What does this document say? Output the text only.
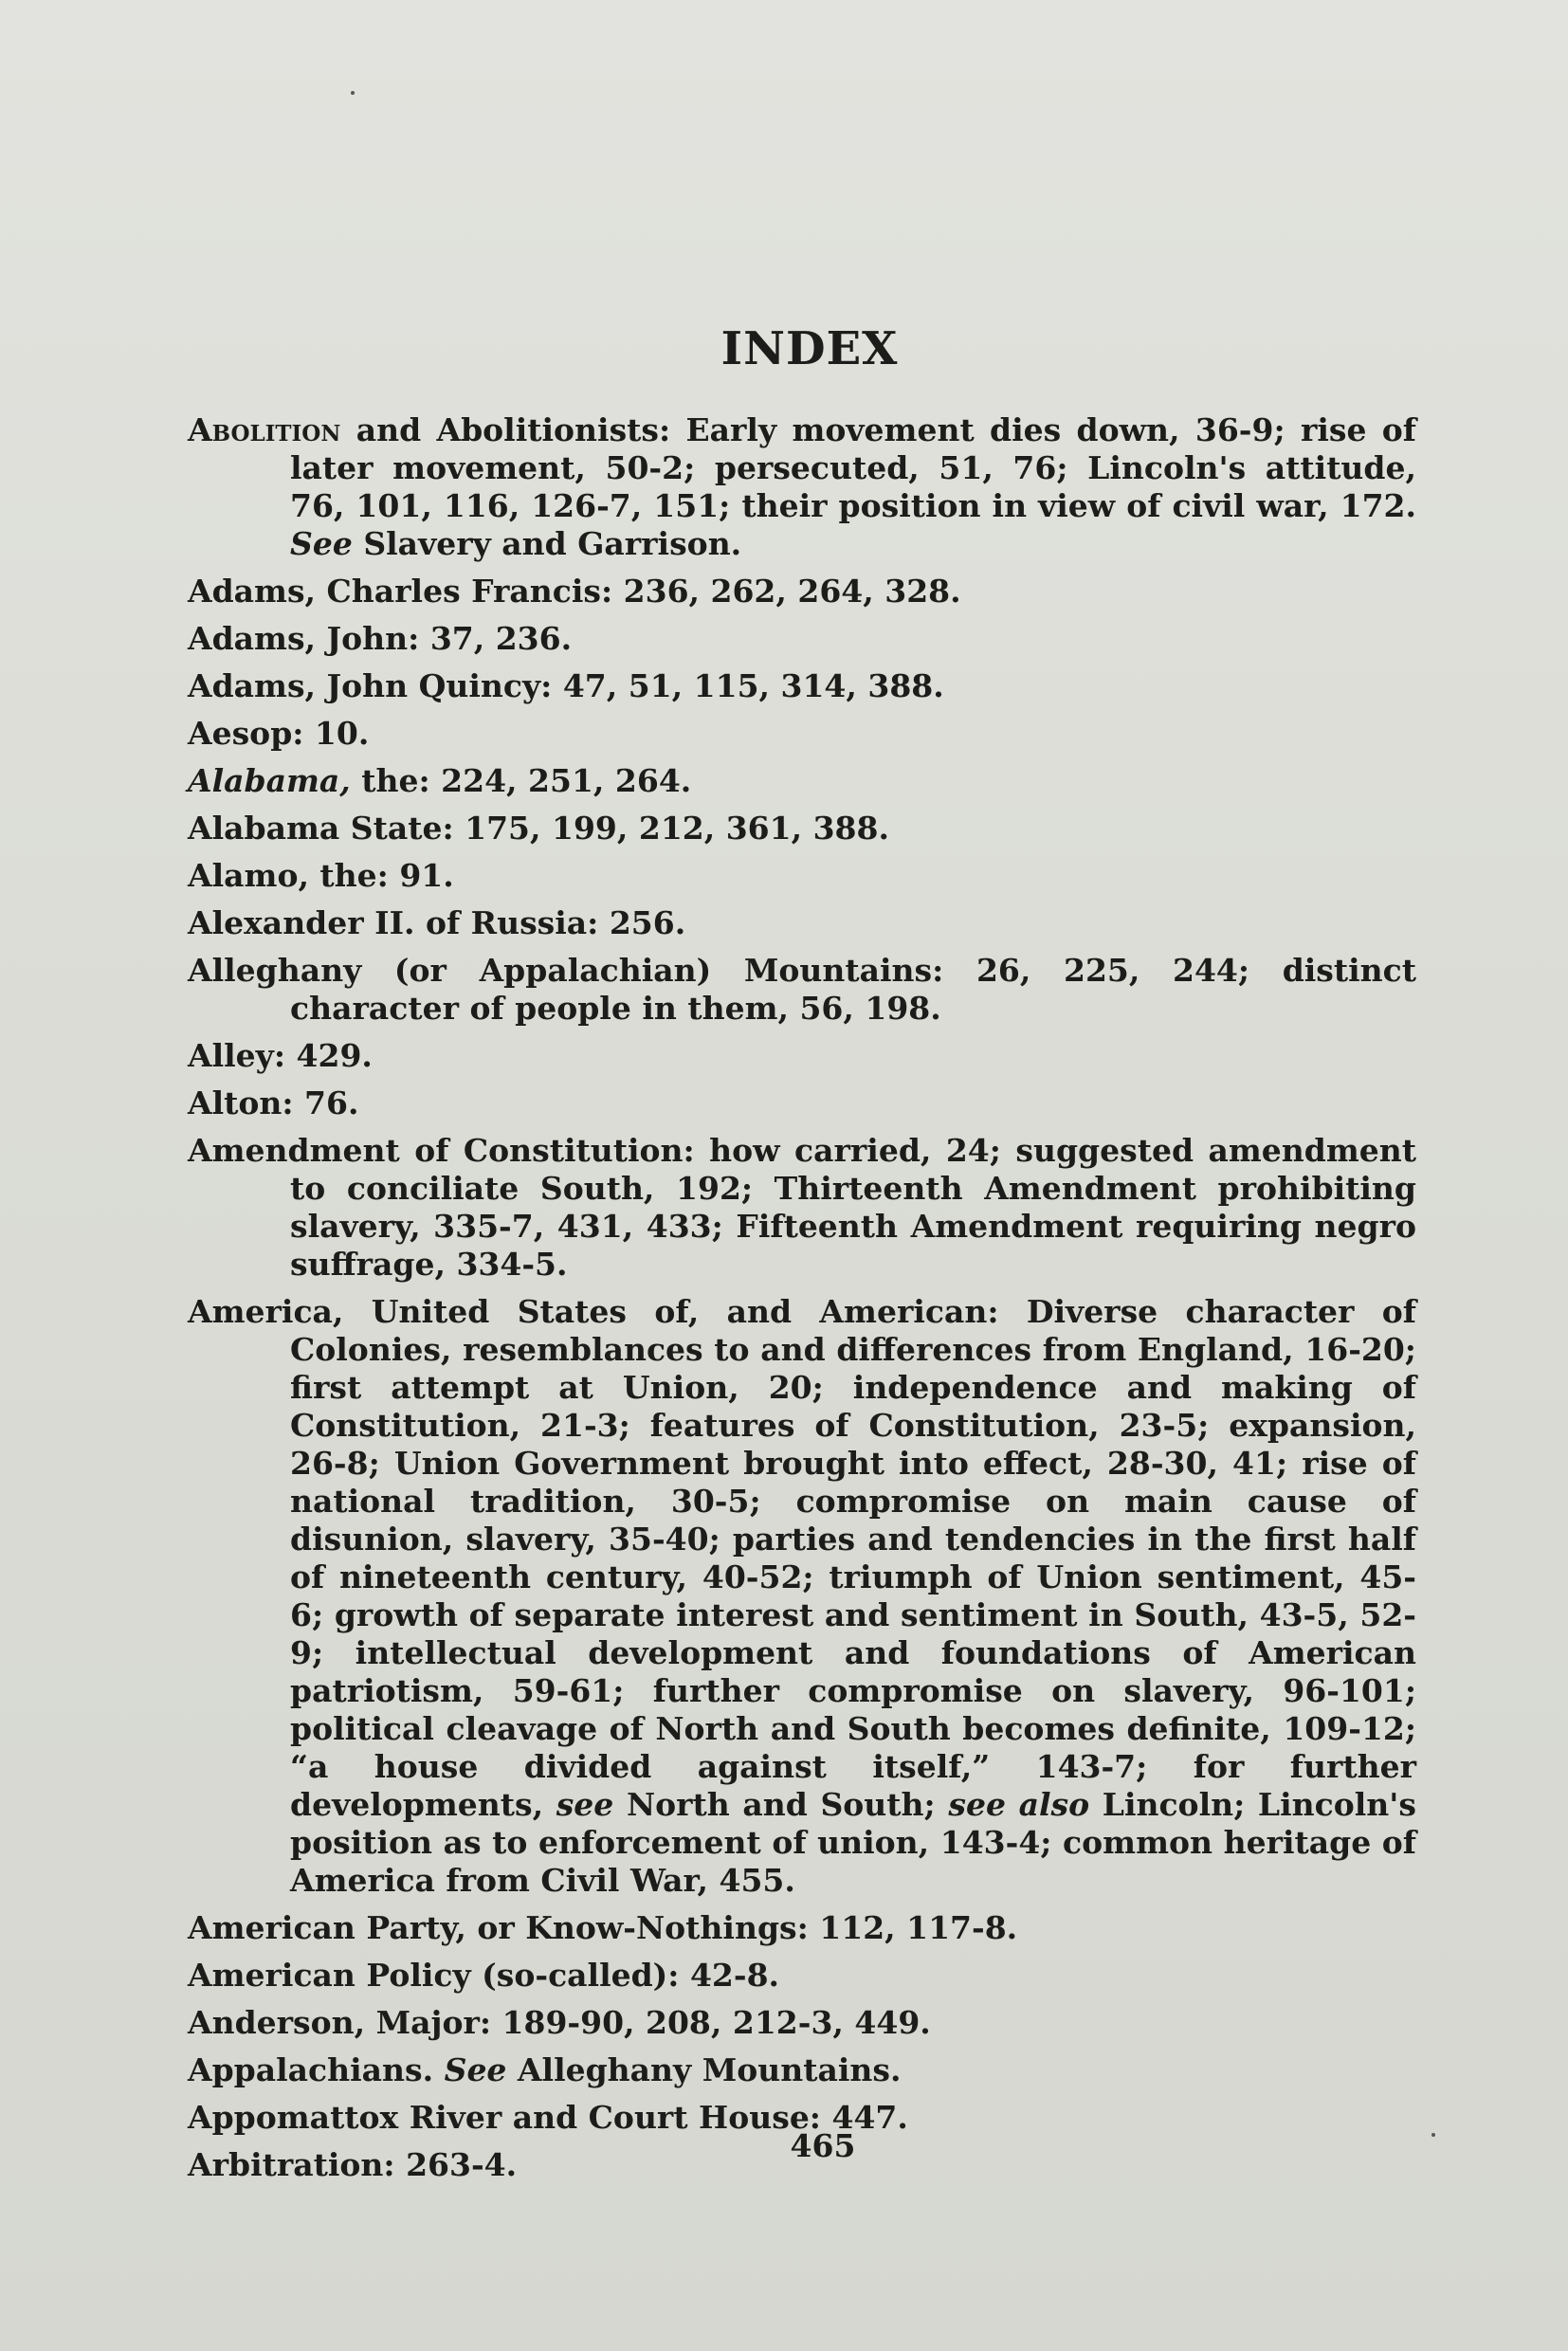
INDEX

Abolition and Abolitionists: Early movement dies down, 36-9; rise of later movement, 50-2; persecuted, 51, 76; Lincoln's attitude, 76, 101, 116, 126-7, 151; their position in view of civil war, 172. See Slavery and Garrison.

Adams, Charles Francis: 236, 262, 264, 328.

Adams, John: 37, 236.

Adams, John Quincy: 47, 51, 115, 314, 388.

Aesop: 10.

Alabama, the: 224, 251, 264.

Alabama State: 175, 199, 212, 361, 388.

Alamo, the: 91.

Alexander II. of Russia: 256.

Alleghany (or Appalachian) Mountains: 26, 225, 244; distinct character of people in them, 56, 198.

Alley: 429.

Alton: 76.

Amendment of Constitution: how carried, 24; suggested amendment to conciliate South, 192; Thirteenth Amendment prohibiting slavery, 335-7, 431, 433; Fifteenth Amendment requiring negro suffrage, 334-5.

America, United States of, and American: Diverse character of Colonies, resemblances to and differences from England, 16-20; first attempt at Union, 20; independence and making of Constitution, 21-3; features of Constitution, 23-5; expansion, 26-8; Union Government brought into effect, 28-30, 41; rise of national tradition, 30-5; compromise on main cause of disunion, slavery, 35-40; parties and tendencies in the first half of nineteenth century, 40-52; triumph of Union sentiment, 45-6; growth of separate interest and sentiment in South, 43-5, 52-9; intellectual development and foundations of American patriotism, 59-61; further compromise on slavery, 96-101; political cleavage of North and South becomes definite, 109-12; “a house divided against itself,” 143-7; for further developments, see North and South; see also Lincoln; Lincoln's position as to enforcement of union, 143-4; common heritage of America from Civil War, 455.

American Party, or Know-Nothings: 112, 117-8.

American Policy (so-called): 42-8.

Anderson, Major: 189-90, 208, 212-3, 449.

Appalachians. See Alleghany Mountains.

Appomattox River and Court House: 447.

Arbitration: 263-4.

465
